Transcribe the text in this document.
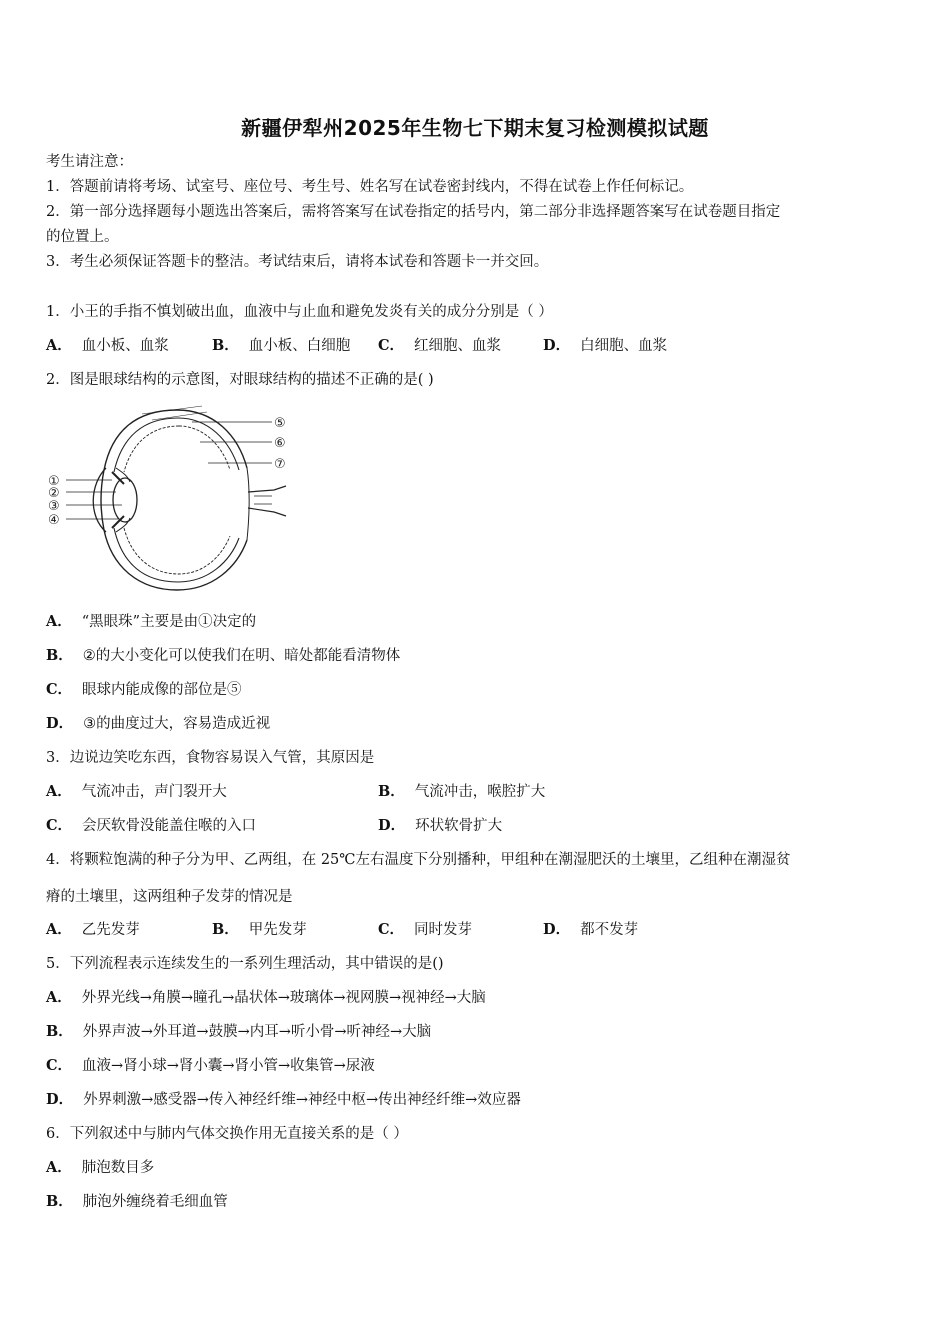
新疆伊犁州2025年生物七下期末复习检测模拟试题
考生请注意：
1．答题前请将考场、试室号、座位号、考生号、姓名写在试卷密封线内，不得在试卷上作任何标记。
2．第一部分选择题每小题选出答案后，需将答案写在试卷指定的括号内，第二部分非选择题答案写在试卷题目指定
的位置上。
3．考生必须保证答题卡的整洁。考试结束后，请将本试卷和答题卡一并交回。
1．小王的手指不慎划破出血，血液中与止血和避免发炎有关的成分分别是（ ）
A． 血小板、血浆	B． 血小板、白细胞 C． 红细胞、血浆	D． 白细胞、血浆
2．图是眼球结构的示意图，对眼球结构的描述不正确的是( )
①
②
③
④
⑤
⑥
⑦
A． “黑眼珠”主要是由①决定的
B． ②的大小变化可以使我们在明、暗处都能看清物体
C． 眼球内能成像的部位是⑤
D． ③的曲度过大，容易造成近视
3．边说边笑吃东西，食物容易误入气管，其原因是
A． 气流冲击，声门裂开大	B． 气流冲击，喉腔扩大
C． 会厌软骨没能盖住喉的入口	D． 环状软骨扩大
4．将颗粒饱满的种子分为甲、乙两组，在 25℃左右温度下分别播种，甲组种在潮湿肥沃的土壤里，乙组种在潮湿贫
瘠的土壤里，这两组种子发芽的情况是
A． 乙先发芽	B． 甲先发芽	C． 同时发芽	D． 都不发芽
5．下列流程表示连续发生的一系列生理活动，其中错误的是()
A． 外界光线→角膜→瞳孔→晶状体→玻璃体→视网膜→视神经→大脑
B． 外界声波→外耳道→鼓膜→内耳→听小骨→听神经→大脑
C． 血液→肾小球→肾小囊→肾小管→收集管→尿液
D． 外界刺激→感受器→传入神经纤维→神经中枢→传出神经纤维→效应器
6．下列叙述中与肺内气体交换作用无直接关系的是（ ）
A． 肺泡数目多
B． 肺泡外缠绕着毛细血管
